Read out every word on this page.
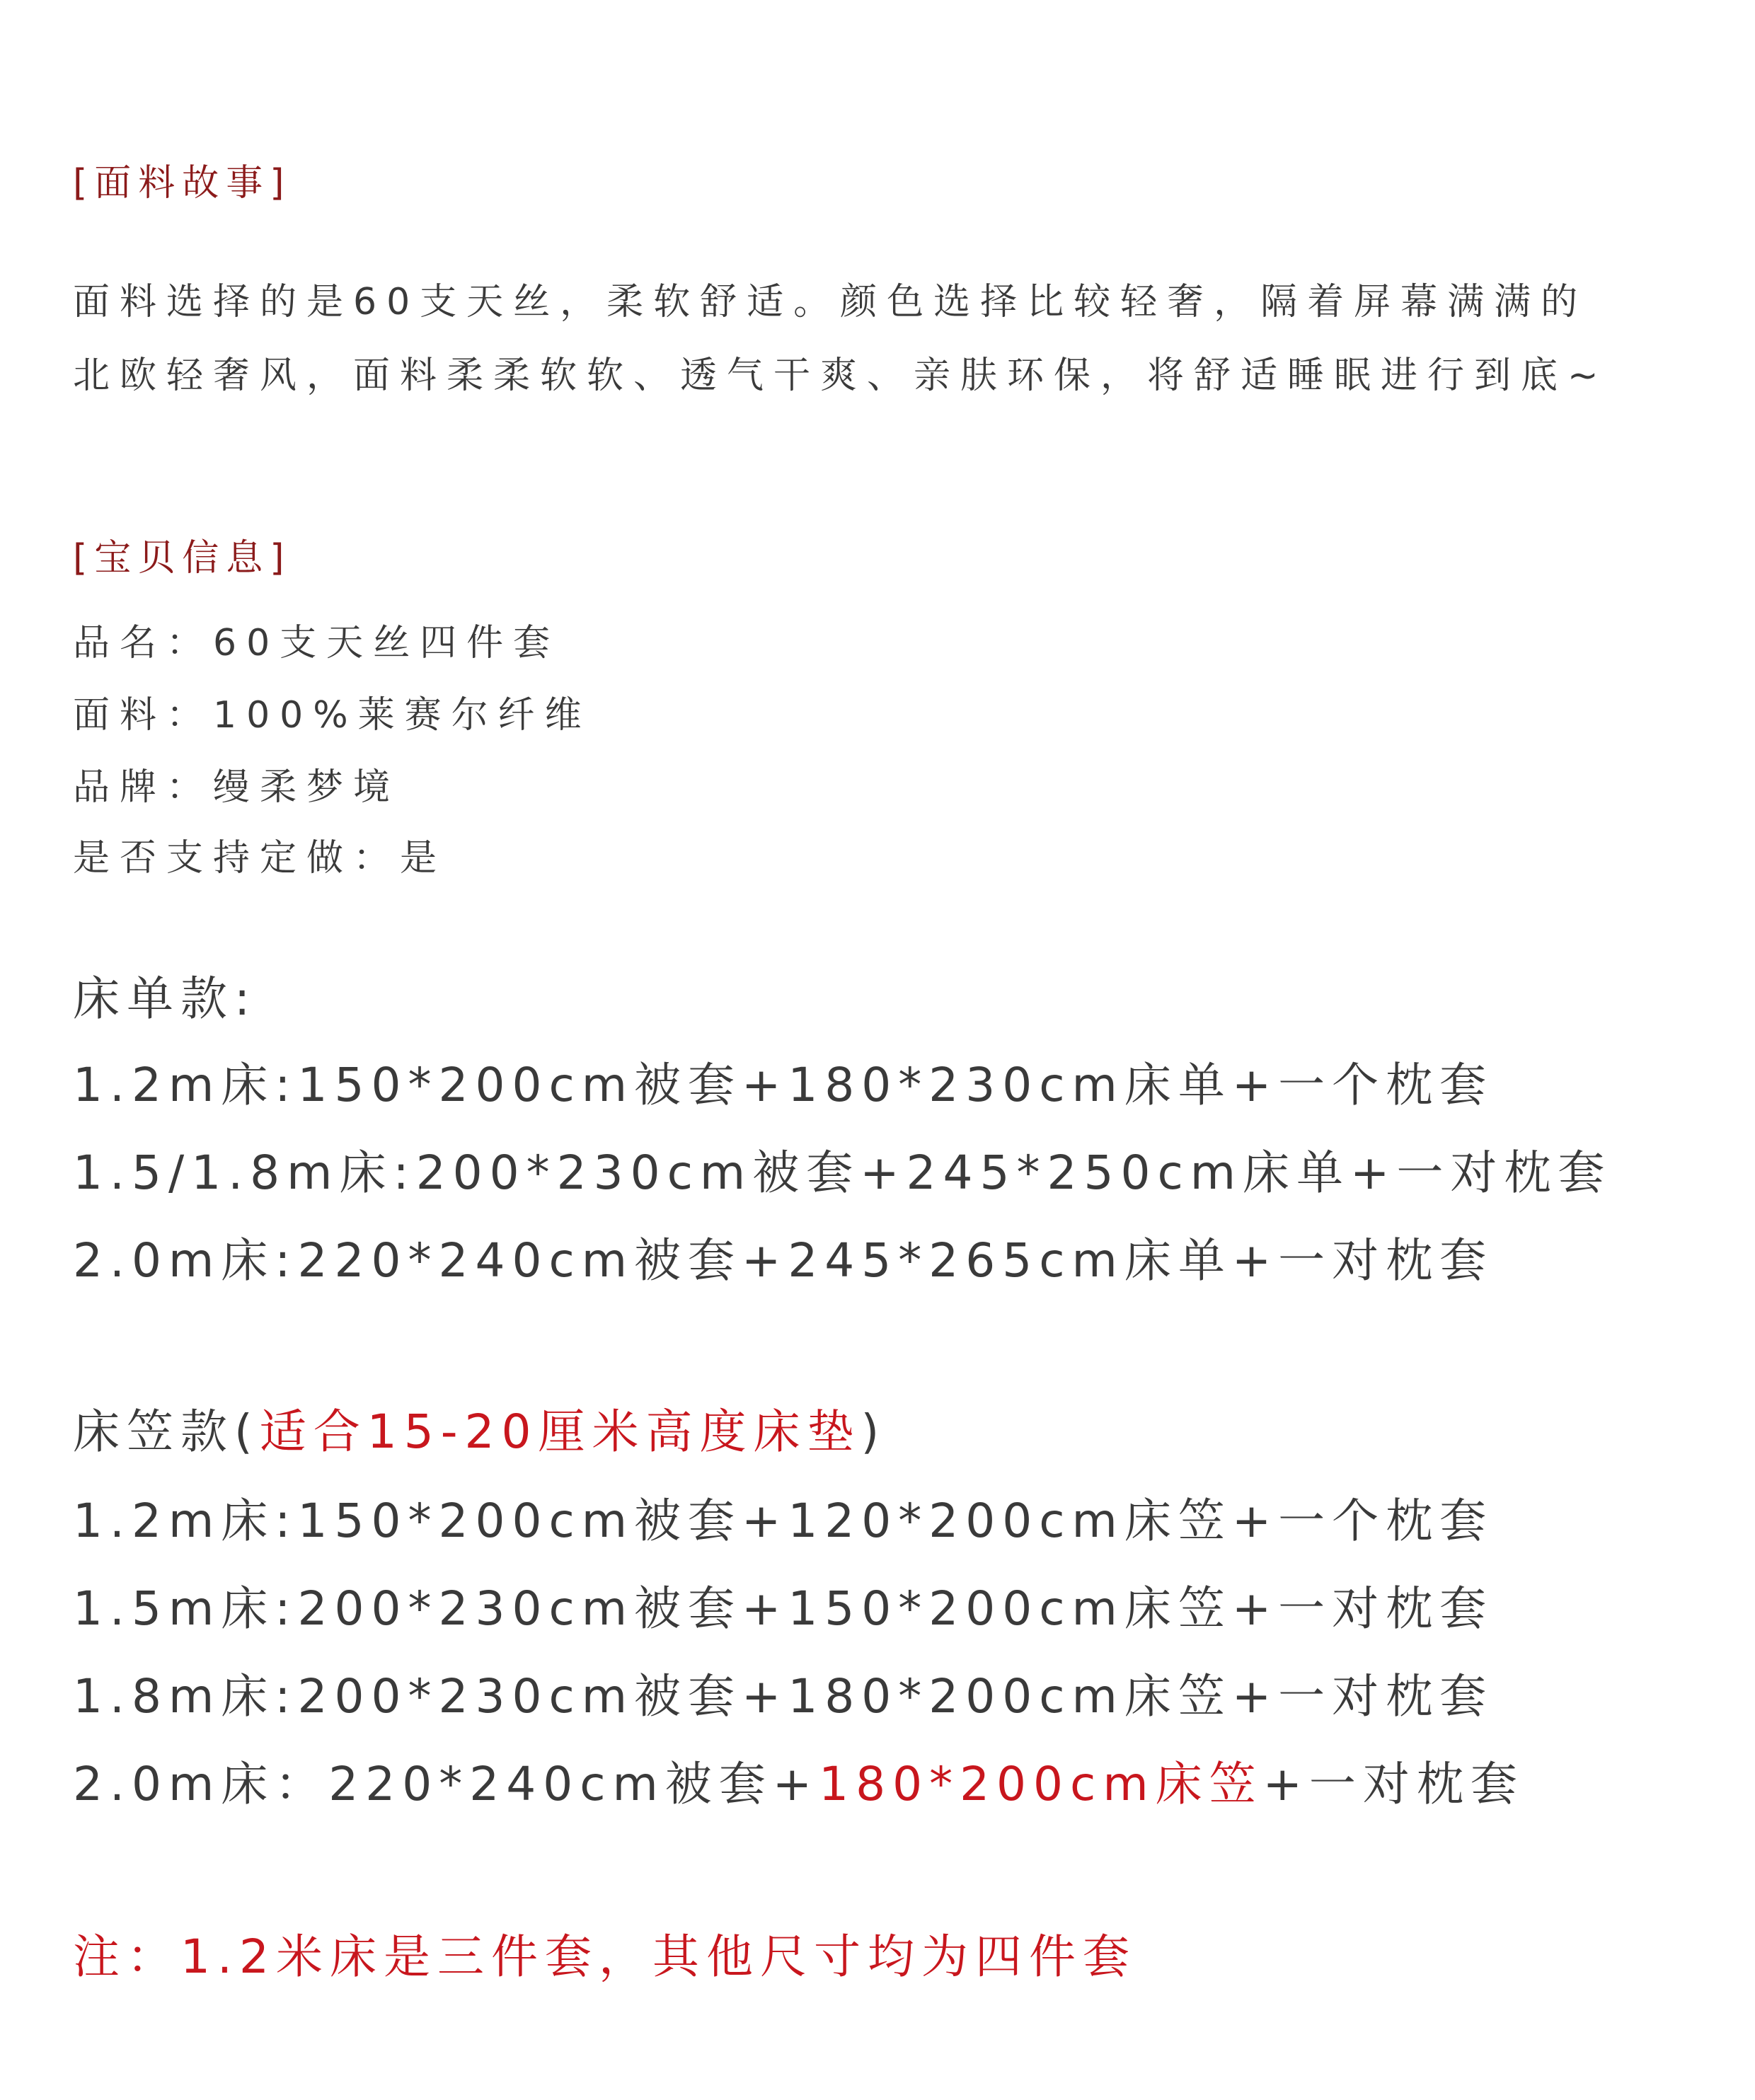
[面料故事]
面料选择的是60支天丝，柔软舒适。颜色选择比较轻奢，隔着屏幕满满的
北欧轻奢风，面料柔柔软软、透气干爽、亲肤环保，将舒适睡眠进行到底~
[宝贝信息]
品名：60支天丝四件套
面料：100%莱赛尔纤维
品牌：缦柔梦境
是否支持定做：是
床单款:
1.2m床:150*200cm被套+180*230cm床单+一个枕套
1.5/1.8m床:200*230cm被套+245*250cm床单+一对枕套
2.0m床:220*240cm被套+245*265cm床单+一对枕套
床笠款(适合15-20厘米高度床垫)
1.2m床:150*200cm被套+120*200cm床笠+一个枕套
1.5m床:200*230cm被套+150*200cm床笠+一对枕套
1.8m床:200*230cm被套+180*200cm床笠+一对枕套
2.0m床：220*240cm被套+180*200cm床笠+一对枕套
注：1.2米床是三件套，其他尺寸均为四件套
